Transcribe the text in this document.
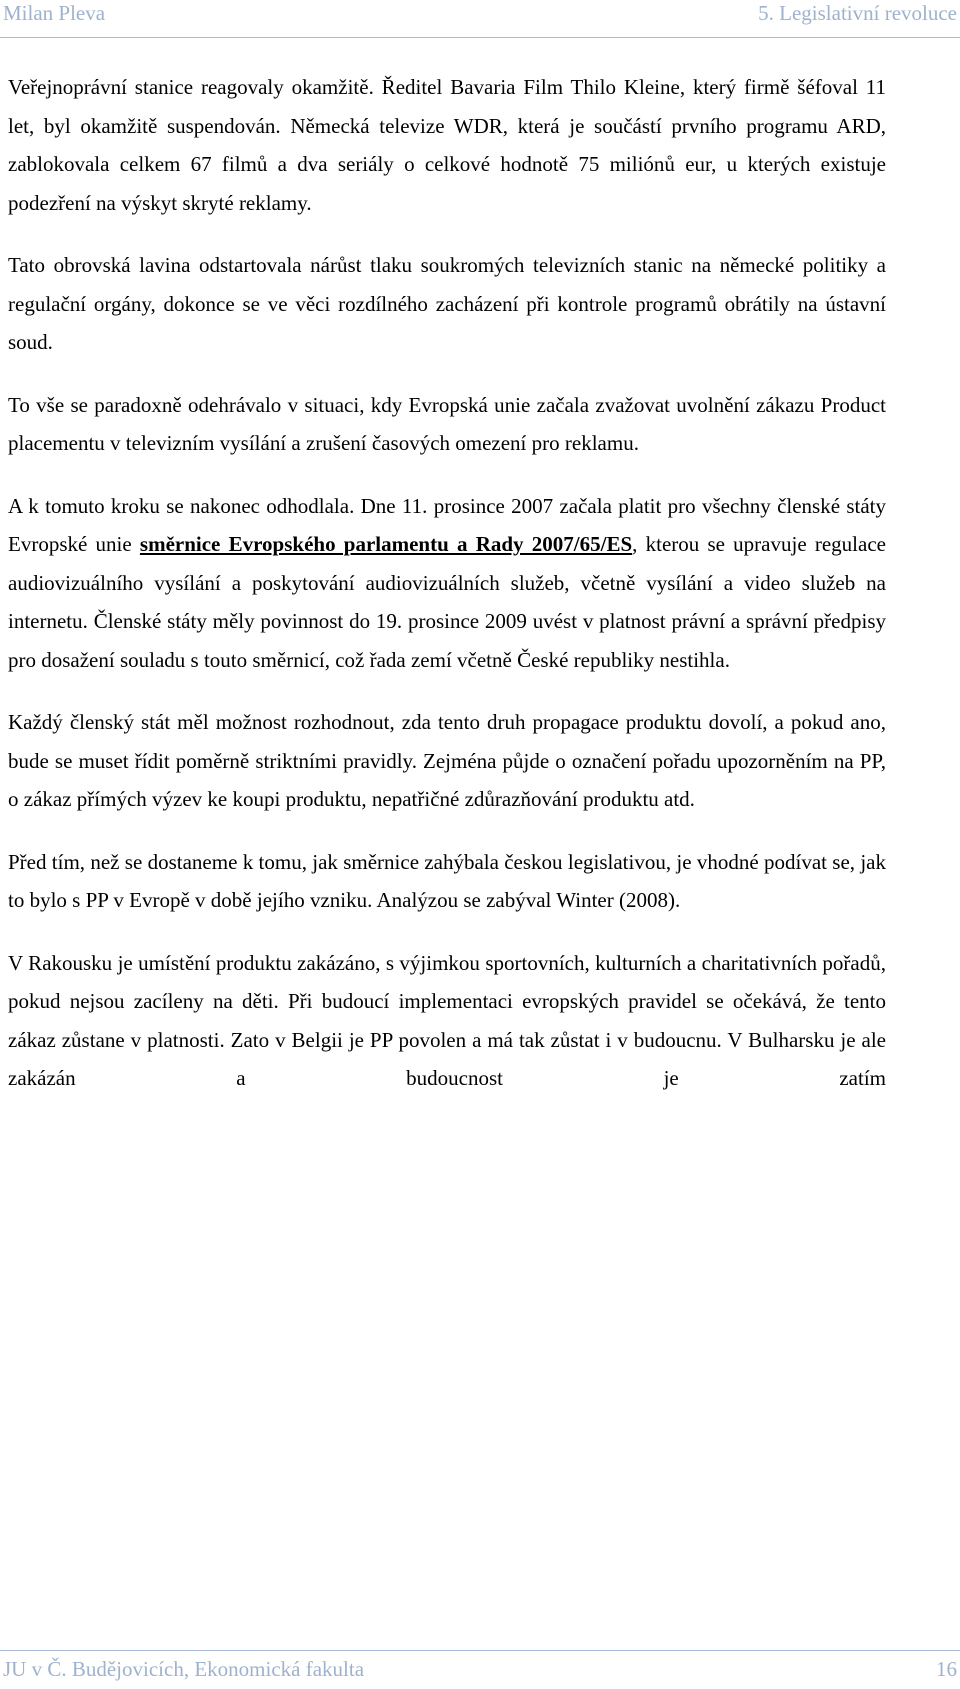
Milan Pleva	5. Legislativní revoluce

Veřejnoprávní stanice reagovaly okamžitě. Ředitel Bavaria Film Thilo Kleine, který firmě šéfoval 11 let, byl okamžitě suspendován. Německá televize WDR, která je součástí prvního programu ARD, zablokovala celkem 67 filmů a dva seriály o celkové hodnotě 75 miliónů eur, u kterých existuje podezření na výskyt skryté reklamy.

Tato obrovská lavina odstartovala nárůst tlaku soukromých televizních stanic na německé politiky a regulační orgány, dokonce se ve věci rozdílného zacházení při kontrole programů obrátily na ústavní soud.

To vše se paradoxně odehrávalo v situaci, kdy Evropská unie začala zvažovat uvolnění zákazu Product placementu v televizním vysílání a zrušení časových omezení pro reklamu.

A k tomuto kroku se nakonec odhodlala. Dne 11. prosince 2007 začala platit pro všechny členské státy Evropské unie směrnice Evropského parlamentu a Rady 2007/65/ES, kterou se upravuje regulace audiovizuálního vysílání a poskytování audiovizuálních služeb, včetně vysílání a video služeb na internetu. Členské státy měly povinnost do 19. prosince 2009 uvést v platnost právní a správní předpisy pro dosažení souladu s touto směrnicí, což řada zemí včetně České republiky nestihla.

Každý členský stát měl možnost rozhodnout, zda tento druh propagace produktu dovolí, a pokud ano, bude se muset řídit poměrně striktními pravidly. Zejména půjde o označení pořadu upozorněním na PP, o zákaz přímých výzev ke koupi produktu, nepatřičné zdůrazňování produktu atd.

Před tím, než se dostaneme k tomu, jak směrnice zahýbala českou legislativou, je vhodné podívat se, jak to bylo s PP v Evropě v době jejího vzniku. Analýzou se zabýval Winter (2008).

V Rakousku je umístění produktu zakázáno, s výjimkou sportovních, kulturních a charitativních pořadů, pokud nejsou zacíleny na děti. Při budoucí implementaci evropských pravidel se očekává, že tento zákaz zůstane v platnosti. Zato v Belgii je PP povolen a má tak zůstat i v budoucnu. V Bulharsku je ale zakázán a budoucnost je zatím

JU v Č. Budějovicích, Ekonomická fakulta	16
